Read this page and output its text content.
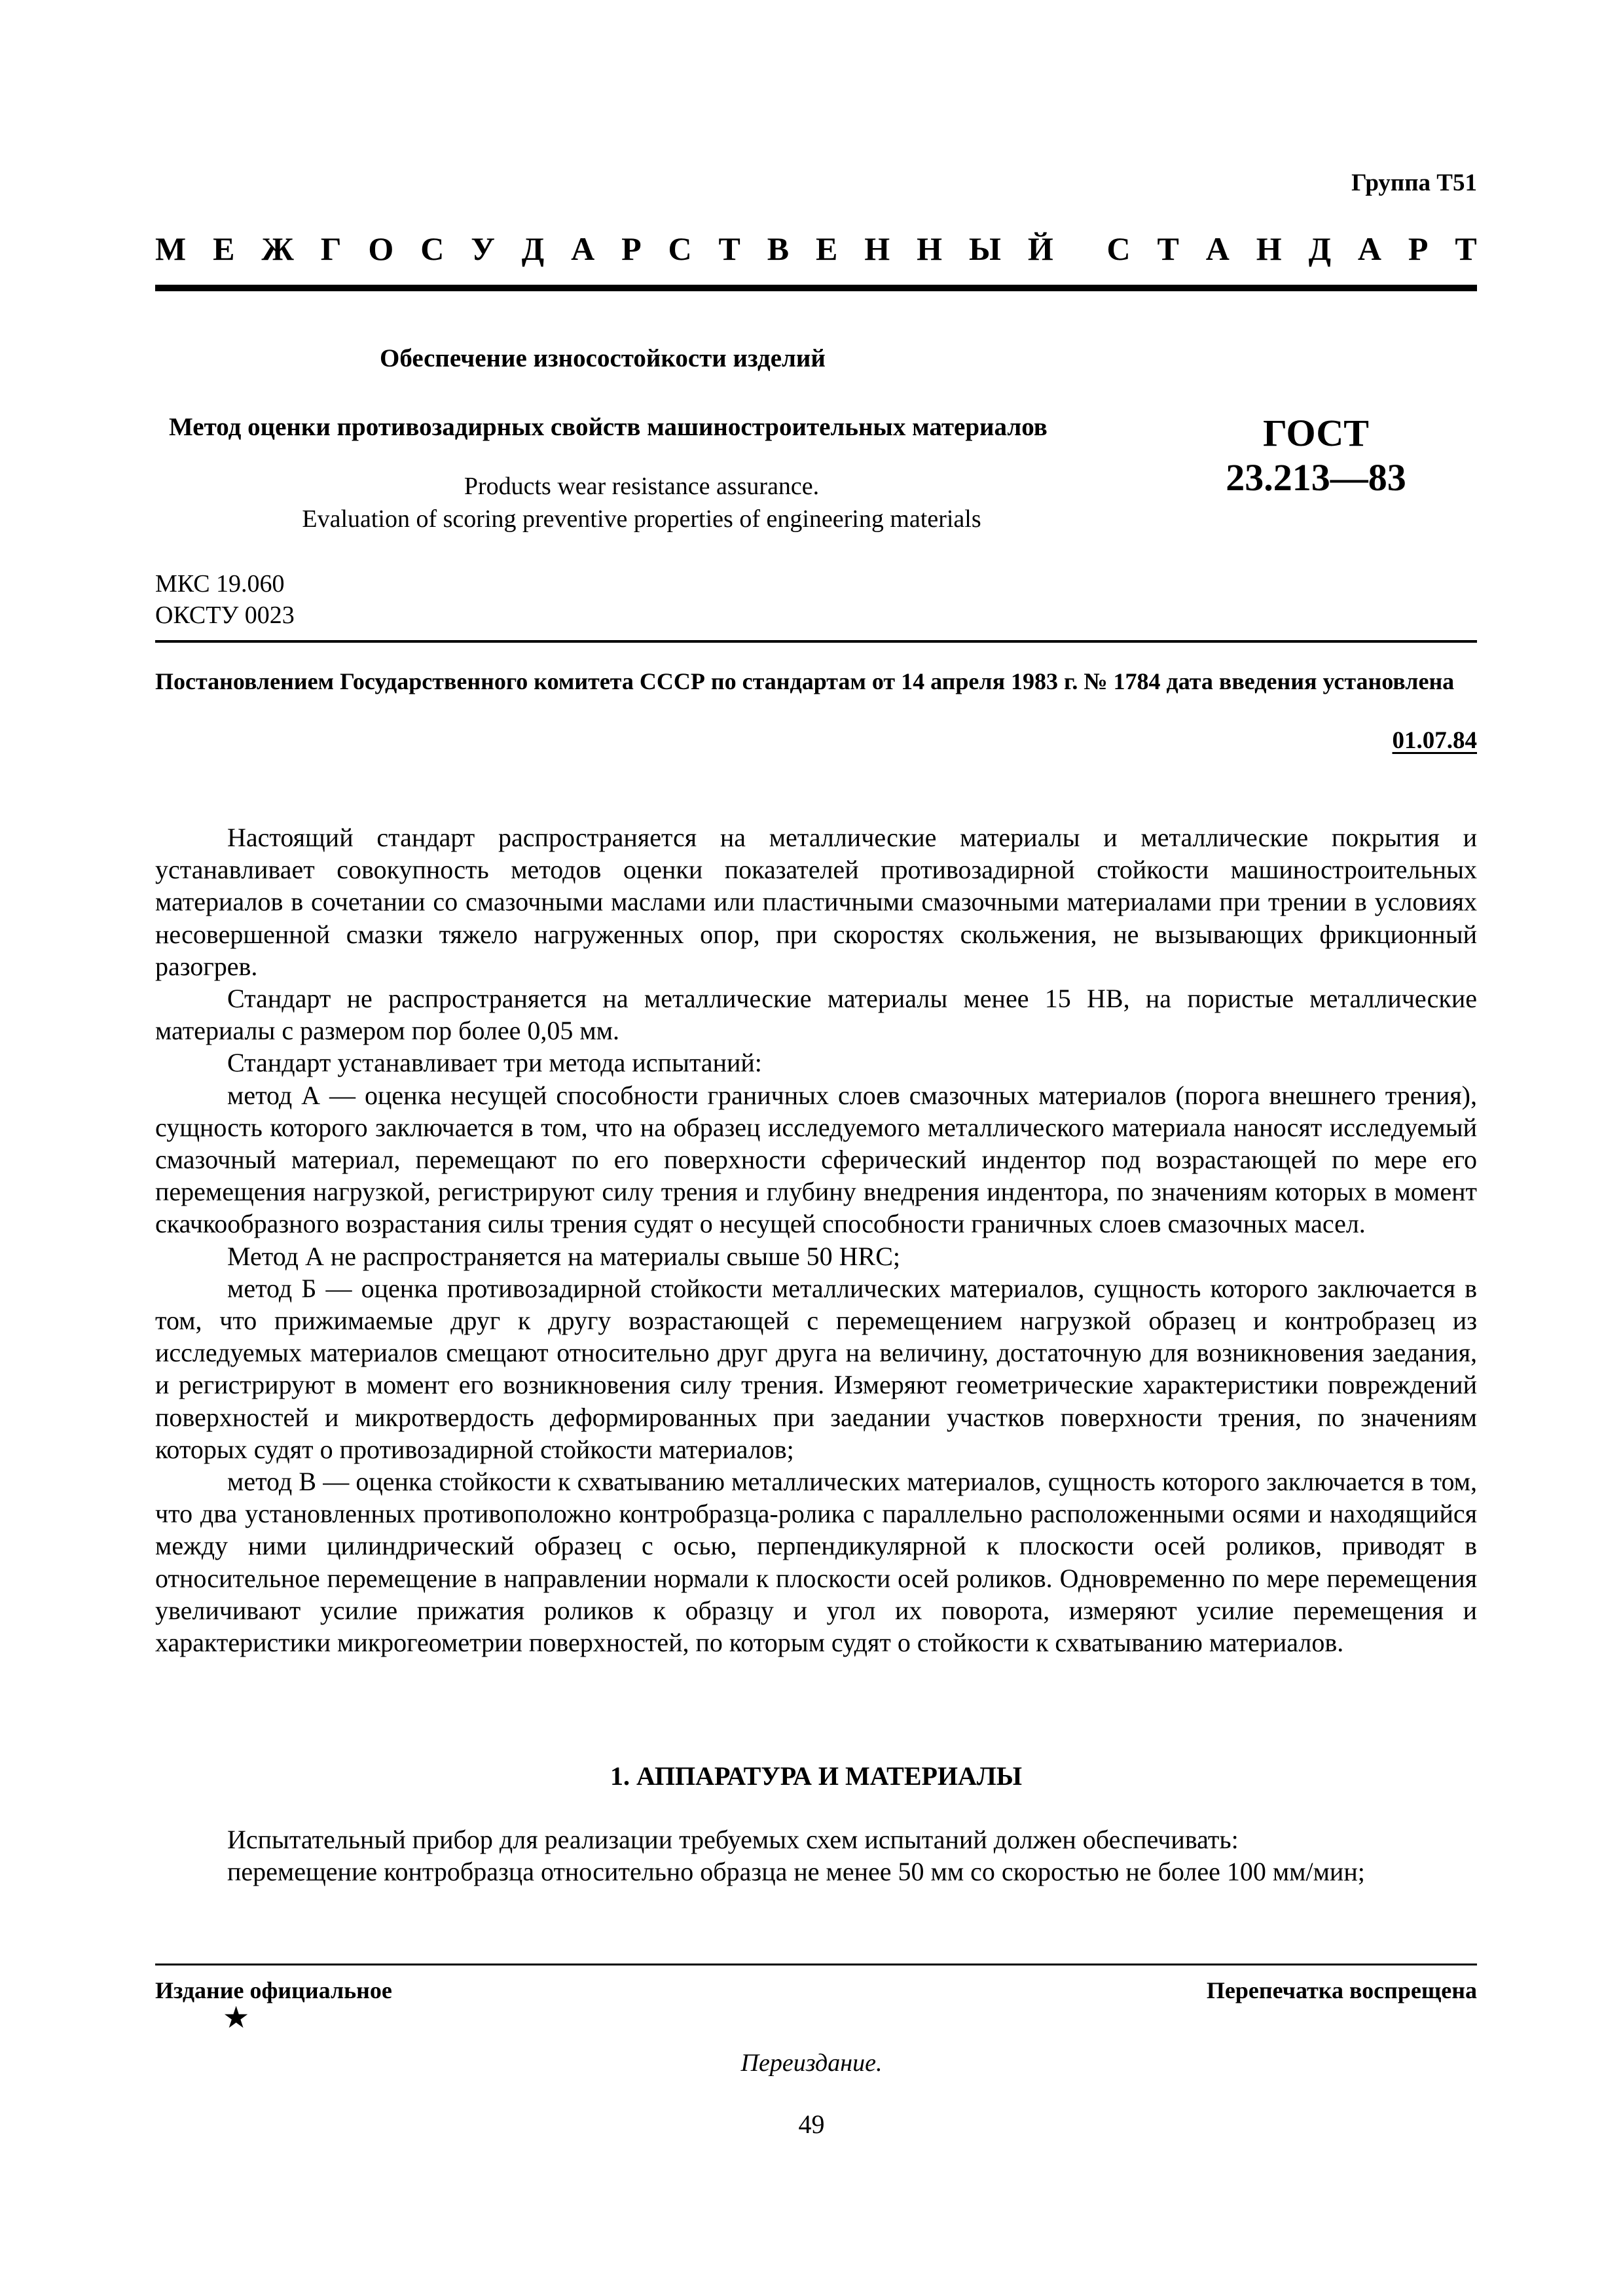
Группа Т51
М Е Ж Г О С У Д А Р С Т В Е Н Н Ы Й С Т А Н Д А Р Т
Обеспечение износостойкости изделий
Метод оценки противозадирных свойств машиностроительных материалов
Products wear resistance assurance.
Evaluation of scoring preventive properties of engineering materials
ГОСТ
23.213—83
МКС 19.060
ОКСТУ 0023
Постановлением Государственного комитета СССР по стандартам от 14 апреля 1983 г. № 1784 дата введения установлена
01.07.84

Настоящий стандарт распространяется на металлические материалы и металлические покрытия и устанавливает совокупность методов оценки показателей противозадирной стойкости машиностроительных материалов в сочетании со смазочными маслами или пластичными смазочными материалами при трении в условиях несовершенной смазки тяжело нагруженных опор, при скоростях скольжения, не вызывающих фрикционный разогрев.

Стандарт не распространяется на металлические материалы менее 15 НВ, на пористые металлические материалы с размером пор более 0,05 мм.

Стандарт устанавливает три метода испытаний:

метод А — оценка несущей способности граничных слоев смазочных материалов (порога внешнего трения), сущность которого заключается в том, что на образец исследуемого металлического материала наносят исследуемый смазочный материал, перемещают по его поверхности сферический индентор под возрастающей по мере его перемещения нагрузкой, регистрируют силу трения и глубину внедрения индентора, по значениям которых в момент скачкообразного возрастания силы трения судят о несущей способности граничных слоев смазочных масел.

Метод А не распространяется на материалы свыше 50 HRC;

метод Б — оценка противозадирной стойкости металлических материалов, сущность которого заключается в том, что прижимаемые друг к другу возрастающей с перемещением нагрузкой образец и контробразец из исследуемых материалов смещают относительно друг друга на величину, достаточную для возникновения заедания, и регистрируют в момент его возникновения силу трения. Измеряют геометрические характеристики повреждений поверхностей и микротвердость деформированных при заедании участков поверхности трения, по значениям которых судят о противозадирной стойкости материалов;

метод В — оценка стойкости к схватыванию металлических материалов, сущность которого заключается в том, что два установленных противоположно контробразца-ролика с параллельно расположенными осями и находящийся между ними цилиндрический образец с осью, перпендикулярной к плоскости осей роликов, приводят в относительное перемещение в направлении нормали к плоскости осей роликов. Одновременно по мере перемещения увеличивают усилие прижатия роликов к образцу и угол их поворота, измеряют усилие перемещения и характеристики микрогеометрии поверхностей, по которым судят о стойкости к схватыванию материалов.

1. АППАРАТУРА И МАТЕРИАЛЫ

Испытательный прибор для реализации требуемых схем испытаний должен обеспечивать:

перемещение контробразца относительно образца не менее 50 мм со скоростью не более 100 мм/мин;

Издание официальное	Перепечатка воспрещена
★
Переиздание.
49
